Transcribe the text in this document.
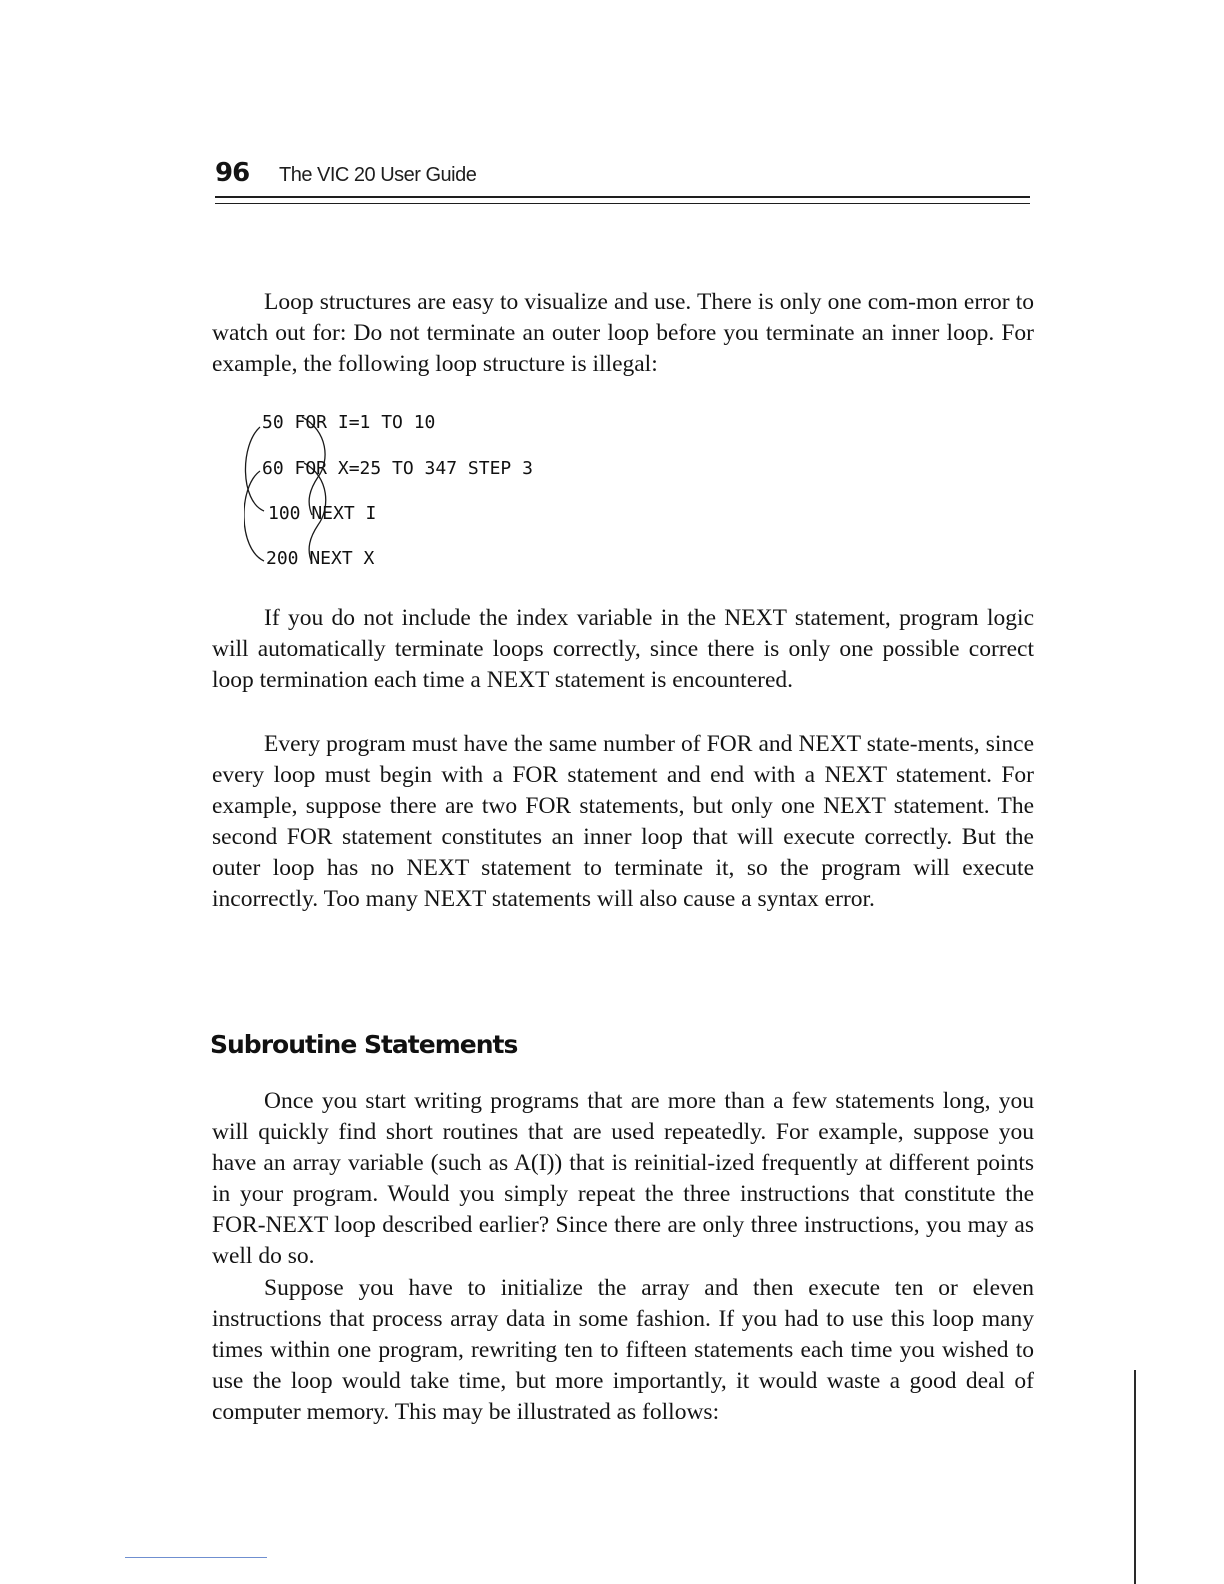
96 The VIC 20 User Guide

Loop structures are easy to visualize and use. There is only one com-mon error to watch out for: Do not terminate an outer loop before you terminate an inner loop. For example, the following loop structure is illegal:

50 FOR I=1 TO 10
60 FOR X=25 TO 347 STEP 3
100 NEXT I
200 NEXT X

If you do not include the index variable in the NEXT statement, program logic will automatically terminate loops correctly, since there is only one possible correct loop termination each time a NEXT statement is encountered.

Every program must have the same number of FOR and NEXT state-ments, since every loop must begin with a FOR statement and end with a NEXT statement. For example, suppose there are two FOR statements, but only one NEXT statement. The second FOR statement constitutes an inner loop that will execute correctly. But the outer loop has no NEXT statement to terminate it, so the program will execute incorrectly. Too many NEXT statements will also cause a syntax error.

Subroutine Statements

Once you start writing programs that are more than a few statements long, you will quickly find short routines that are used repeatedly. For example, suppose you have an array variable (such as A(I)) that is reinitial-ized frequently at different points in your program. Would you simply repeat the three instructions that constitute the FOR-NEXT loop described earlier? Since there are only three instructions, you may as well do so.

Suppose you have to initialize the array and then execute ten or eleven instructions that process array data in some fashion. If you had to use this loop many times within one program, rewriting ten to fifteen statements each time you wished to use the loop would take time, but more importantly, it would waste a good deal of computer memory. This may be illustrated as follows:
